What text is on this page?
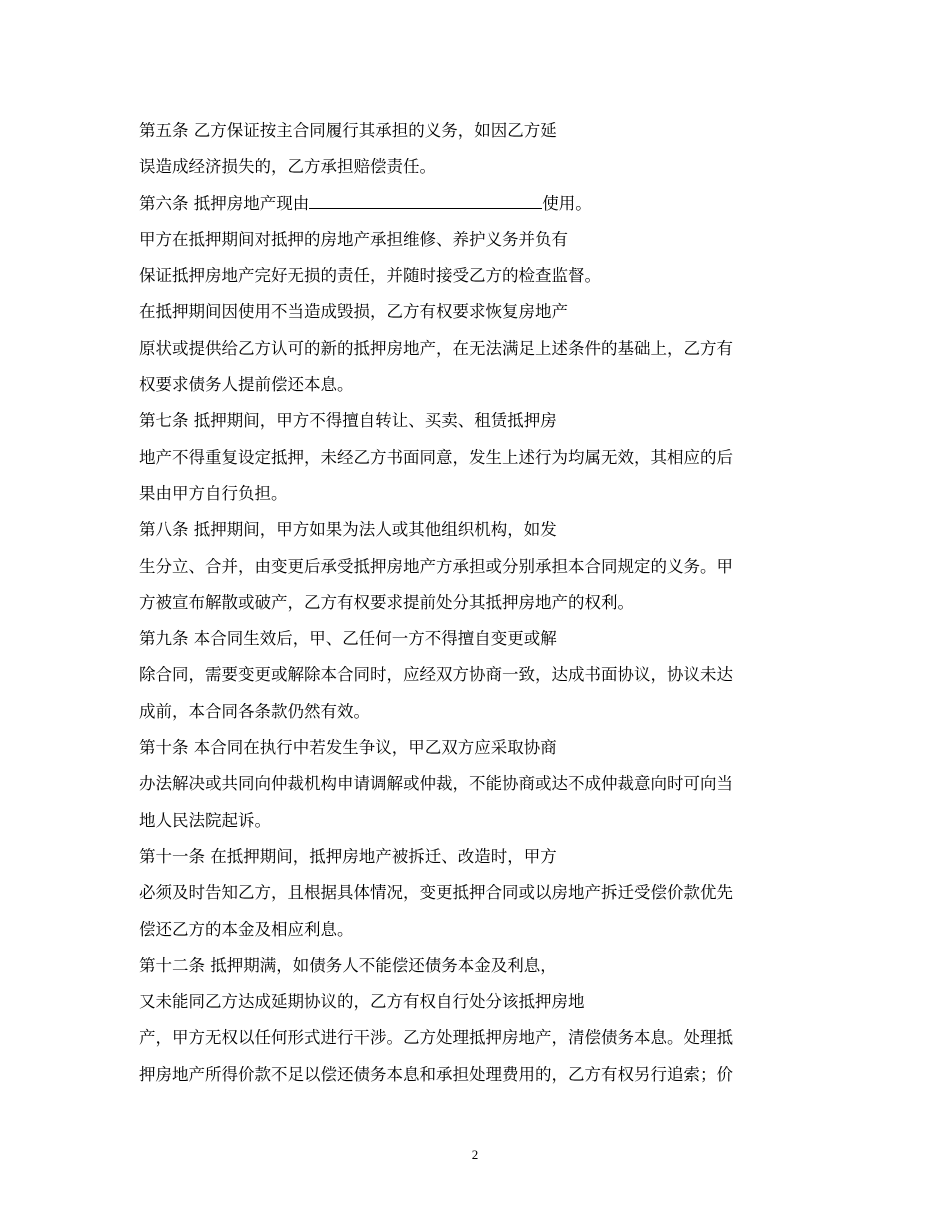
第五条 乙方保证按主合同履行其承担的义务，如因乙方延
误造成经济损失的，乙方承担赔偿责任。
第六条 抵押房地产现由	使用。
甲方在抵押期间对抵押的房地产承担维修、养护义务并负有
保证抵押房地产完好无损的责任，并随时接受乙方的检查监督。
在抵押期间因使用不当造成毁损，乙方有权要求恢复房地产
原状或提供给乙方认可的新的抵押房地产，在无法满足上述条件的基础上，乙方有
权要求债务人提前偿还本息。
第七条 抵押期间，甲方不得擅自转让、买卖、租赁抵押房
地产不得重复设定抵押，未经乙方书面同意，发生上述行为均属无效，其相应的后
果由甲方自行负担。
第八条 抵押期间，甲方如果为法人或其他组织机构，如发
生分立、合并，由变更后承受抵押房地产方承担或分别承担本合同规定的义务。甲
方被宣布解散或破产，乙方有权要求提前处分其抵押房地产的权利。
第九条 本合同生效后，甲、乙任何一方不得擅自变更或解
除合同，需要变更或解除本合同时，应经双方协商一致，达成书面协议，协议未达
成前，本合同各条款仍然有效。
第十条 本合同在执行中若发生争议，甲乙双方应采取协商
办法解决或共同向仲裁机构申请调解或仲裁，不能协商或达不成仲裁意向时可向当
地人民法院起诉。
第十一条 在抵押期间，抵押房地产被拆迁、改造时，甲方
必须及时告知乙方，且根据具体情况，变更抵押合同或以房地产拆迁受偿价款优先
偿还乙方的本金及相应利息。
第十二条 抵押期满，如债务人不能偿还债务本金及利息，
又未能同乙方达成延期协议的，乙方有权自行处分该抵押房地
产，甲方无权以任何形式进行干涉。乙方处理抵押房地产，清偿债务本息。处理抵
押房地产所得价款不足以偿还债务本息和承担处理费用的，乙方有权另行追索；价
2
